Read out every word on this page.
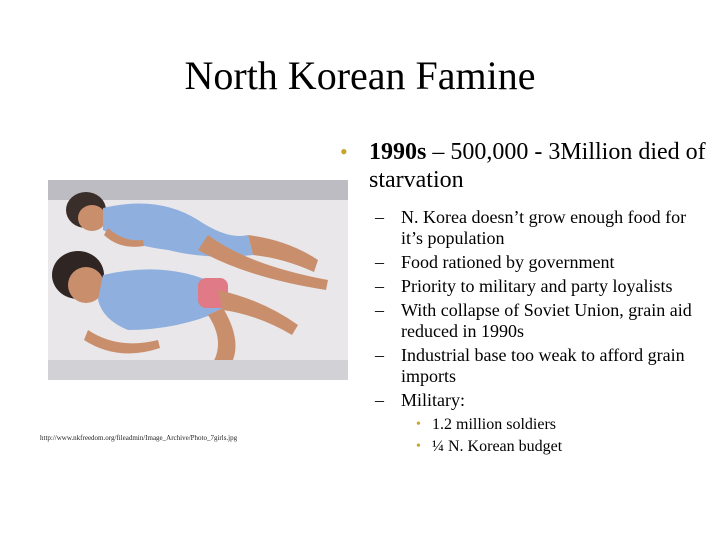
North Korean Famine
http://www.nkfreedom.org/fileadmin/Image_Archive/Photo_7girls.jpg
• 1990s – 500,000 - 3Million died of starvation
– N. Korea doesn’t grow enough food for it’s population
– Food rationed by government
– Priority to military and party loyalists
– With collapse of Soviet Union, grain aid reduced in 1990s
– Industrial base too weak to afford grain imports
– Military:
• 1.2 million soldiers
• ¼ N. Korean budget
